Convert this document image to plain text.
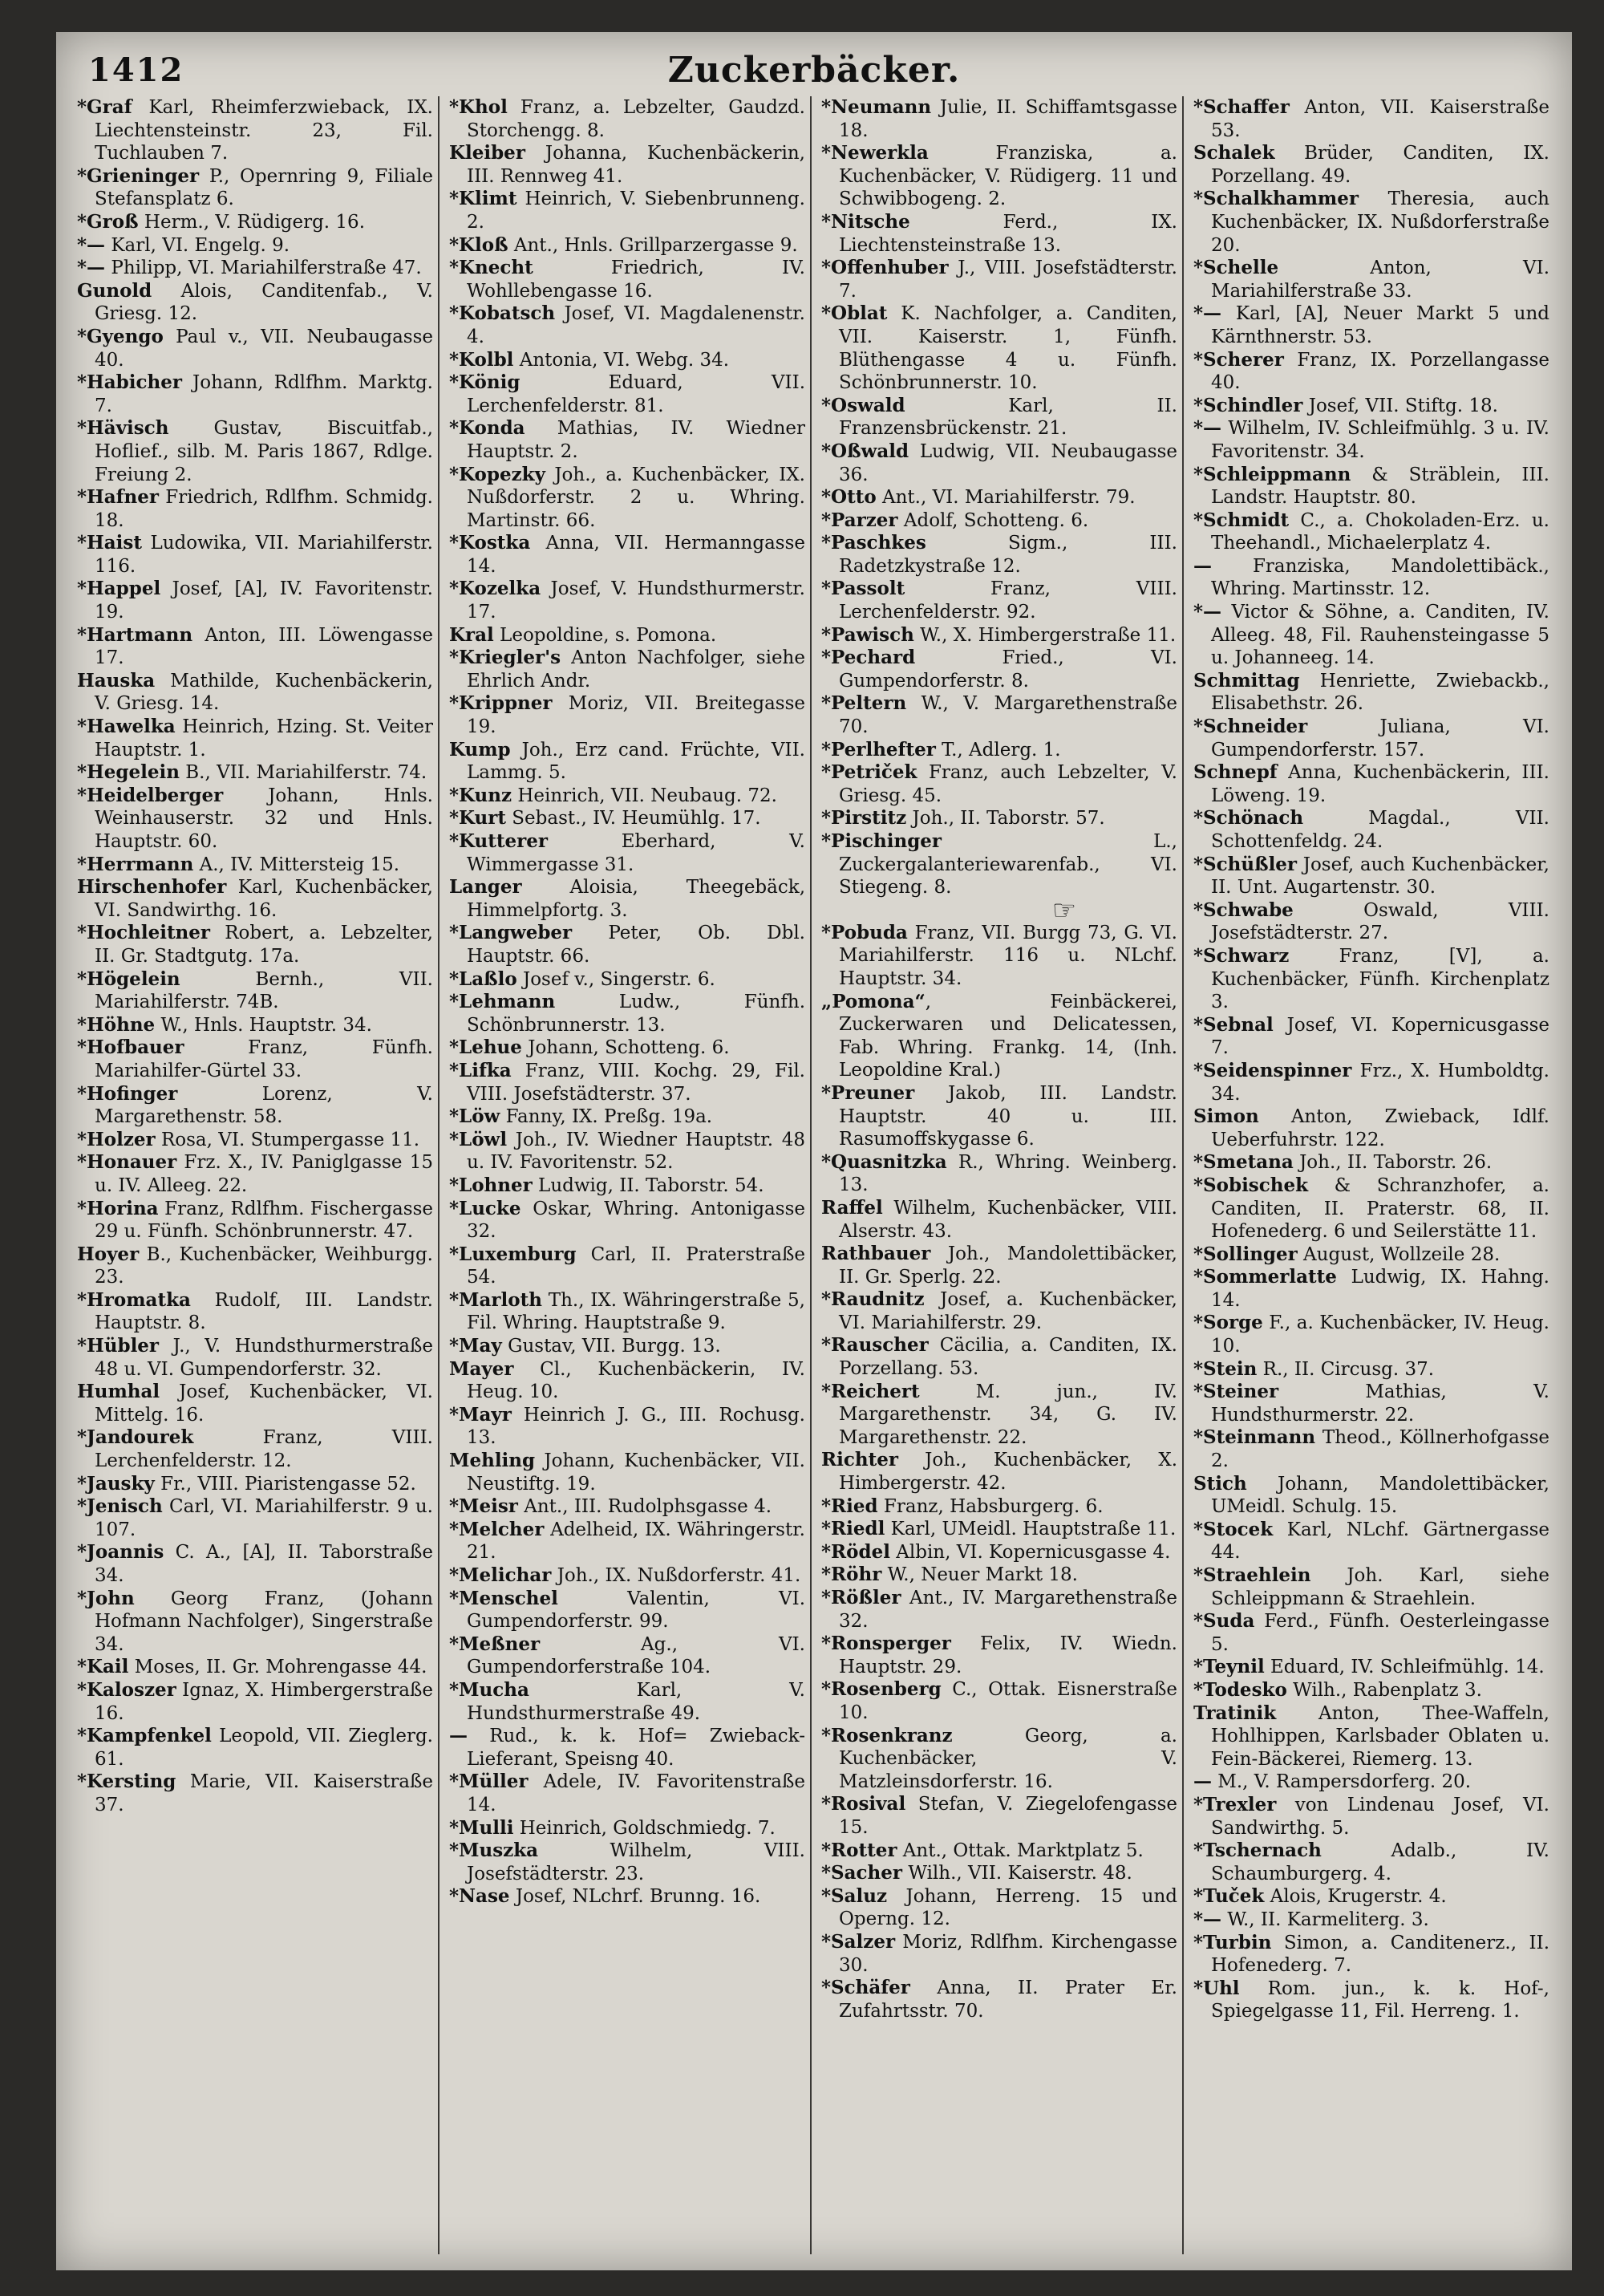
1412	Zuckerbäcker.

*Graf Karl, Rheimferzwieback, IX. Liechtensteinstr. 23, Fil. Tuchlauben 7.

*Grieninger P., Opernring 9, Filiale Stefansplatz 6.

*Groß Herm., V. Rüdigerg. 16.

*— Karl, VI. Engelg. 9.

*— Philipp, VI. Mariahilferstraße 47.

Gunold Alois, Canditenfab., V. Griesg. 12.

*Gyengo Paul v., VII. Neubaugasse 40.

*Habicher Johann, Rdlfhm. Marktg. 7.

*Hävisch Gustav, Biscuitfab., Hoflief., silb. M. Paris 1867, Rdlge. Freiung 2.

*Hafner Friedrich, Rdlfhm. Schmidg. 18.

*Haist Ludowika, VII. Mariahilferstr. 116.

*Happel Josef, [A], IV. Favoritenstr. 19.

*Hartmann Anton, III. Löwengasse 17.

Hauska Mathilde, Kuchenbäckerin, V. Griesg. 14.

*Hawelka Heinrich, Hzing. St. Veiter Hauptstr. 1.

*Hegelein B., VII. Mariahilferstr. 74.

*Heidelberger Johann, Hnls. Weinhauserstr. 32 und Hnls. Hauptstr. 60.

*Herrmann A., IV. Mittersteig 15.

Hirschenhofer Karl, Kuchenbäcker, VI. Sandwirthg. 16.

*Hochleitner Robert, a. Lebzelter, II. Gr. Stadtgutg. 17a.

*Högelein Bernh., VII. Mariahilferstr. 74B.

*Höhne W., Hnls. Hauptstr. 34.

*Hofbauer Franz, Fünfh. Mariahilfer-Gürtel 33.

*Hofinger Lorenz, V. Margarethenstr. 58.

*Holzer Rosa, VI. Stumpergasse 11.

*Honauer Frz. X., IV. Paniglgasse 15 u. IV. Alleeg. 22.

*Horina Franz, Rdlfhm. Fischergasse 29 u. Fünfh. Schönbrunnerstr. 47.

Hoyer B., Kuchenbäcker, Weihburgg. 23.

*Hromatka Rudolf, III. Landstr. Hauptstr. 8.

*Hübler J., V. Hundsthurmerstraße 48 u. VI. Gumpendorferstr. 32.

Humhal Josef, Kuchenbäcker, VI. Mittelg. 16.

*Jandourek Franz, VIII. Lerchenfelderstr. 12.

*Jausky Fr., VIII. Piaristengasse 52.

*Jenisch Carl, VI. Mariahilferstr. 9 u. 107.

*Joannis C. A., [A], II. Taborstraße 34.

*John Georg Franz, (Johann Hofmann Nachfolger), Singerstraße 34.

*Kail Moses, II. Gr. Mohrengasse 44.

*Kaloszer Ignaz, X. Himbergerstraße 16.

*Kampfenkel Leopold, VII. Zieglerg. 61.

*Kersting Marie, VII. Kaiserstraße 37.

*Khol Franz, a. Lebzelter, Gaudzd. Storchengg. 8.

Kleiber Johanna, Kuchenbäckerin, III. Rennweg 41.

*Klimt Heinrich, V. Siebenbrunneng. 2.

*Kloß Ant., Hnls. Grillparzergasse 9.

*Knecht Friedrich, IV. Wohllebengasse 16.

*Kobatsch Josef, VI. Magdalenenstr. 4.

*Kolbl Antonia, VI. Webg. 34.

*König Eduard, VII. Lerchenfelderstr. 81.

*Konda Mathias, IV. Wiedner Hauptstr. 2.

*Kopezky Joh., a. Kuchenbäcker, IX. Nußdorferstr. 2 u. Whring. Martinstr. 66.

*Kostka Anna, VII. Hermanngasse 14.

*Kozelka Josef, V. Hundsthurmerstr. 17.

Kral Leopoldine, s. Pomona.

*Kriegler's Anton Nachfolger, siehe Ehrlich Andr.

*Krippner Moriz, VII. Breitegasse 19.

Kump Joh., Erz cand. Früchte, VII. Lammg. 5.

*Kunz Heinrich, VII. Neubaug. 72.

*Kurt Sebast., IV. Heumühlg. 17.

*Kutterer Eberhard, V. Wimmergasse 31.

Langer Aloisia, Theegebäck, Himmelpfortg. 3.

*Langweber Peter, Ob. Dbl. Hauptstr. 66.

*Laßlo Josef v., Singerstr. 6.

*Lehmann Ludw., Fünfh. Schönbrunnerstr. 13.

*Lehue Johann, Schotteng. 6.

*Lifka Franz, VIII. Kochg. 29, Fil. VIII. Josefstädterstr. 37.

*Löw Fanny, IX. Preßg. 19a.

*Löwl Joh., IV. Wiedner Hauptstr. 48 u. IV. Favoritenstr. 52.

*Lohner Ludwig, II. Taborstr. 54.

*Lucke Oskar, Whring. Antonigasse 32.

*Luxemburg Carl, II. Praterstraße 54.

*Marloth Th., IX. Währingerstraße 5, Fil. Whring. Hauptstraße 9.

*May Gustav, VII. Burgg. 13.

Mayer Cl., Kuchenbäckerin, IV. Heug. 10.

*Mayr Heinrich J. G., III. Rochusg. 13.

Mehling Johann, Kuchenbäcker, VII. Neustiftg. 19.

*Meisr Ant., III. Rudolphsgasse 4.

*Melcher Adelheid, IX. Währingerstr. 21.

*Melichar Joh., IX. Nußdorferstr. 41.

*Menschel Valentin, VI. Gumpendorferstr. 99.

*Meßner Ag., VI. Gumpendorferstraße 104.

*Mucha Karl, V. Hundsthurmerstraße 49.

— Rud., k. k. Hof= Zwieback-Lieferant, Speisng 40.

*Müller Adele, IV. Favoritenstraße 14.

*Mulli Heinrich, Goldschmiedg. 7.

*Muszka Wilhelm, VIII. Josefstädterstr. 23.

*Nase Josef, NLchrf. Brunng. 16.

*Neumann Julie, II. Schiffamtsgasse 18.

*Newerkla Franziska, a. Kuchenbäcker, V. Rüdigerg. 11 und Schwibbogeng. 2.

*Nitsche Ferd., IX. Liechtensteinstraße 13.

*Offenhuber J., VIII. Josefstädterstr. 7.

*Oblat K. Nachfolger, a. Canditen, VII. Kaiserstr. 1, Fünfh. Blüthengasse 4 u. Fünfh. Schönbrunnerstr. 10.

*Oswald Karl, II. Franzensbrückenstr. 21.

*Oßwald Ludwig, VII. Neubaugasse 36.

*Otto Ant., VI. Mariahilferstr. 79.

*Parzer Adolf, Schotteng. 6.

*Paschkes Sigm., III. Radetzkystraße 12.

*Passolt Franz, VIII. Lerchenfelderstr. 92.

*Pawisch W., X. Himbergerstraße 11.

*Pechard Fried., VI. Gumpendorferstr. 8.

*Peltern W., V. Margarethenstraße 70.

*Perlhefter T., Adlerg. 1.

*Petriček Franz, auch Lebzelter, V. Griesg. 45.

*Pirstitz Joh., II. Taborstr. 57.

*Pischinger L., Zuckergalanteriewarenfab., VI. Stiegeng. 8.

☞

*Pobuda Franz, VII. Burgg 73, G. VI. Mariahilferstr. 116 u. NLchf. Hauptstr. 34.

„Pomona“, Feinbäckerei, Zuckerwaren und Delicatessen, Fab. Whring. Frankg. 14, (Inh. Leopoldine Kral.)

*Preuner Jakob, III. Landstr. Hauptstr. 40 u. III. Rasumoffskygasse 6.

*Quasnitzka R., Whring. Weinberg. 13.

Raffel Wilhelm, Kuchenbäcker, VIII. Alserstr. 43.

Rathbauer Joh., Mandolettibäcker, II. Gr. Sperlg. 22.

*Raudnitz Josef, a. Kuchenbäcker, VI. Mariahilferstr. 29.

*Rauscher Cäcilia, a. Canditen, IX. Porzellang. 53.

*Reichert M. jun., IV. Margarethenstr. 34, G. IV. Margarethenstr. 22.

Richter Joh., Kuchenbäcker, X. Himbergerstr. 42.

*Ried Franz, Habsburgerg. 6.

*Riedl Karl, UMeidl. Hauptstraße 11.

*Rödel Albin, VI. Kopernicusgasse 4.

*Röhr W., Neuer Markt 18.

*Rößler Ant., IV. Margarethenstraße 32.

*Ronsperger Felix, IV. Wiedn. Hauptstr. 29.

*Rosenberg C., Ottak. Eisnerstraße 10.

*Rosenkranz Georg, a. Kuchenbäcker, V. Matzleinsdorferstr. 16.

*Rosival Stefan, V. Ziegelofengasse 15.

*Rotter Ant., Ottak. Marktplatz 5.

*Sacher Wilh., VII. Kaiserstr. 48.

*Saluz Johann, Herreng. 15 und Operng. 12.

*Salzer Moriz, Rdlfhm. Kirchengasse 30.

*Schäfer Anna, II. Prater Er. Zufahrtsstr. 70.

*Schaffer Anton, VII. Kaiserstraße 53.

Schalek Brüder, Canditen, IX. Porzellang. 49.

*Schalkhammer Theresia, auch Kuchenbäcker, IX. Nußdorferstraße 20.

*Schelle Anton, VI. Mariahilferstraße 33.

*— Karl, [A], Neuer Markt 5 und Kärnthnerstr. 53.

*Scherer Franz, IX. Porzellangasse 40.

*Schindler Josef, VII. Stiftg. 18.

*— Wilhelm, IV. Schleifmühlg. 3 u. IV. Favoritenstr. 34.

*Schleippmann & Sträblein, III. Landstr. Hauptstr. 80.

*Schmidt C., a. Chokoladen-Erz. u. Theehandl., Michaelerplatz 4.

— Franziska, Mandolettibäck., Whring. Martinsstr. 12.

*— Victor & Söhne, a. Canditen, IV. Alleeg. 48, Fil. Rauhensteingasse 5 u. Johanneeg. 14.

Schmittag Henriette, Zwiebackb., Elisabethstr. 26.

*Schneider Juliana, VI. Gumpendorferstr. 157.

Schnepf Anna, Kuchenbäckerin, III. Löweng. 19.

*Schönach Magdal., VII. Schottenfeldg. 24.

*Schüßler Josef, auch Kuchenbäcker, II. Unt. Augartenstr. 30.

*Schwabe Oswald, VIII. Josefstädterstr. 27.

*Schwarz Franz, [V], a. Kuchenbäcker, Fünfh. Kirchenplatz 3.

*Sebnal Josef, VI. Kopernicusgasse 7.

*Seidenspinner Frz., X. Humboldtg. 34.

Simon Anton, Zwieback, Idlf. Ueberfuhrstr. 122.

*Smetana Joh., II. Taborstr. 26.

*Sobischek & Schranzhofer, a. Canditen, II. Praterstr. 68, II. Hofenederg. 6 und Seilerstätte 11.

*Sollinger August, Wollzeile 28.

*Sommerlatte Ludwig, IX. Hahng. 14.

*Sorge F., a. Kuchenbäcker, IV. Heug. 10.

*Stein R., II. Circusg. 37.

*Steiner Mathias, V. Hundsthurmerstr. 22.

*Steinmann Theod., Köllnerhofgasse 2.

Stich Johann, Mandolettibäcker, UMeidl. Schulg. 15.

*Stocek Karl, NLchf. Gärtnergasse 44.

*Straehlein Joh. Karl, siehe Schleippmann & Straehlein.

*Suda Ferd., Fünfh. Oesterleingasse 5.

*Teynil Eduard, IV. Schleifmühlg. 14.

*Todesko Wilh., Rabenplatz 3.

Tratinik Anton, Thee-Waffeln, Hohlhippen, Karlsbader Oblaten u. Fein-Bäckerei, Riemerg. 13.

— M., V. Rampersdorferg. 20.

*Trexler von Lindenau Josef, VI. Sandwirthg. 5.

*Tschernach Adalb., IV. Schaumburgerg. 4.

*Tuček Alois, Krugerstr. 4.

*— W., II. Karmeliterg. 3.

*Turbin Simon, a. Canditenerz., II. Hofenederg. 7.

*Uhl Rom. jun., k. k. Hof-, Spiegelgasse 11, Fil. Herreng. 1.
